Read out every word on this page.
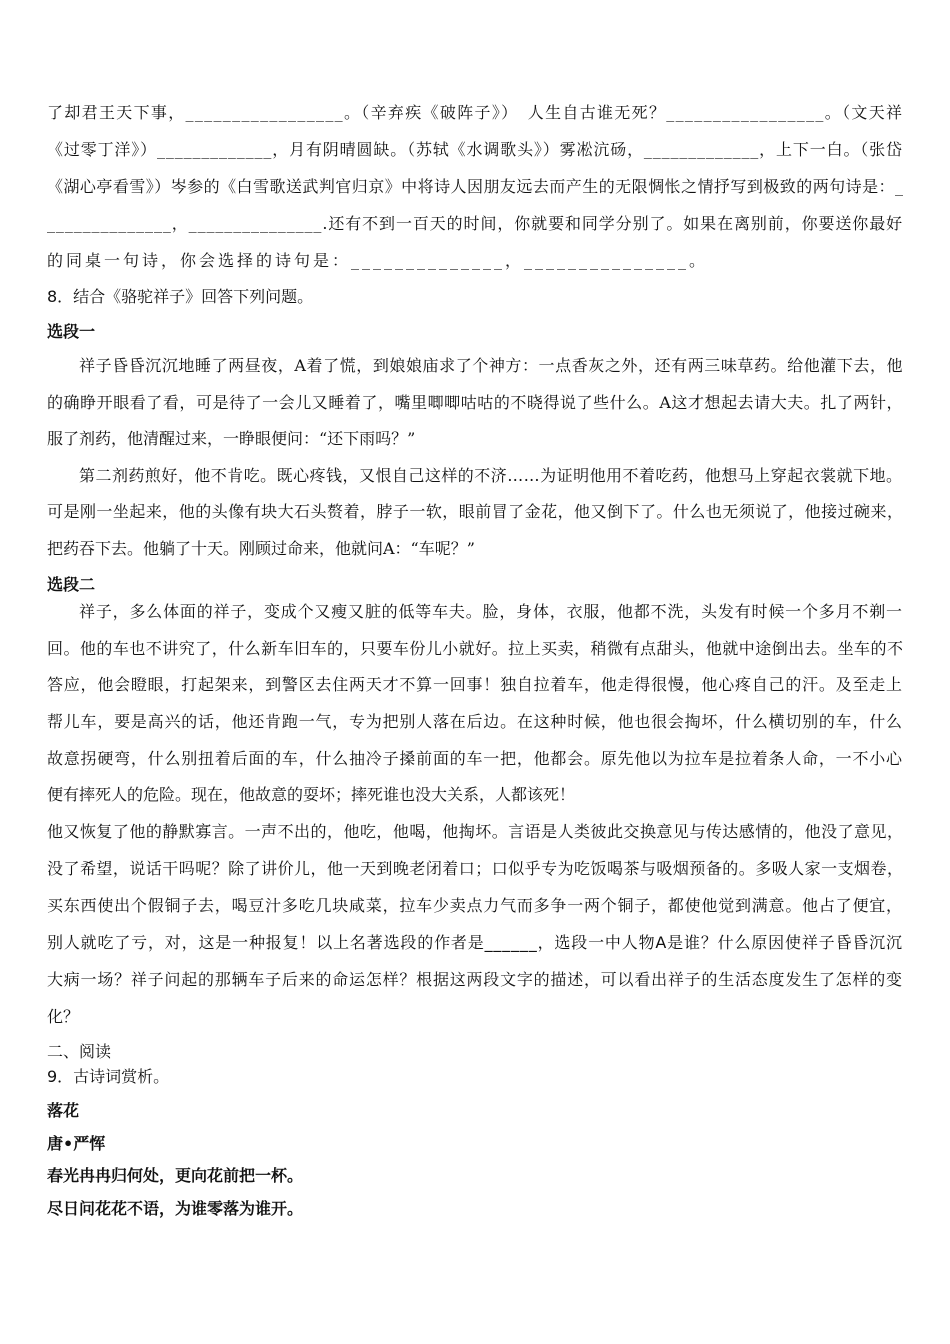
了却君王天下事，_________________。（辛弃疾《破阵子》）　人生自古谁无死？_________________。（文天祥

《过零丁洋》）_____________，月有阴晴圆缺。（苏轼《水调歌头》）雾凇沆砀，_____________，上下一白。（张岱

《湖心亭看雪》）岑参的《白雪歌送武判官归京》中将诗人因朋友远去而产生的无限惆怅之情抒写到极致的两句诗是：_

______________，_______________.还有不到一百天的时间，你就要和同学分别了。如果在离别前，你要送你最好

的同桌一句诗，你会选择的诗句是：______________，_______________。

8．结合《骆驼祥子》回答下列问题。

选段一

祥子昏昏沉沉地睡了两昼夜，A着了慌，到娘娘庙求了个神方：一点香灰之外，还有两三味草药。给他灌下去，他

的确睁开眼看了看，可是待了一会儿又睡着了，嘴里唧唧咕咕的不晓得说了些什么。A这才想起去请大夫。扎了两针，

服了剂药，他清醒过来，一睁眼便问：“还下雨吗？”

第二剂药煎好，他不肯吃。既心疼钱，又恨自己这样的不济……为证明他用不着吃药，他想马上穿起衣裳就下地。

可是刚一坐起来，他的头像有块大石头赘着，脖子一软，眼前冒了金花，他又倒下了。什么也无须说了，他接过碗来，

把药吞下去。他躺了十天。刚顾过命来，他就问A：“车呢？”

选段二

祥子，多么体面的祥子，变成个又瘦又脏的低等车夫。脸，身体，衣服，他都不洗，头发有时候一个多月不剃一

回。他的车也不讲究了，什么新车旧车的，只要车份儿小就好。拉上买卖，稍微有点甜头，他就中途倒出去。坐车的不

答应，他会瞪眼，打起架来，到警区去住两天才不算一回事！独自拉着车，他走得很慢，他心疼自己的汗。及至走上

帮儿车，要是高兴的话，他还肯跑一气，专为把别人落在后边。在这种时候，他也很会掏坏，什么横切别的车，什么

故意拐硬弯，什么别扭着后面的车，什么抽冷子搡前面的车一把，他都会。原先他以为拉车是拉着条人命，一不小心

便有摔死人的危险。现在，他故意的耍坏；摔死谁也没大关系，人都该死！

他又恢复了他的静默寡言。一声不出的，他吃，他喝，他掏坏。言语是人类彼此交换意见与传达感情的，他没了意见，

没了希望，说话干吗呢？除了讲价儿，他一天到晚老闭着口；口似乎专为吃饭喝茶与吸烟预备的。多吸人家一支烟卷，

买东西使出个假铜子去，喝豆汁多吃几块咸菜，拉车少卖点力气而多争一两个铜子，都使他觉到满意。他占了便宜，

别人就吃了亏，对，这是一种报复！以上名著选段的作者是______，选段一中人物A是谁？什么原因使祥子昏昏沉沉

大病一场？祥子问起的那辆车子后来的命运怎样？根据这两段文字的描述，可以看出祥子的生活态度发生了怎样的变

化？

二、阅读

9．古诗词赏析。

落花

唐•严恽

春光冉冉归何处，更向花前把一杯。

尽日问花花不语，为谁零落为谁开。
